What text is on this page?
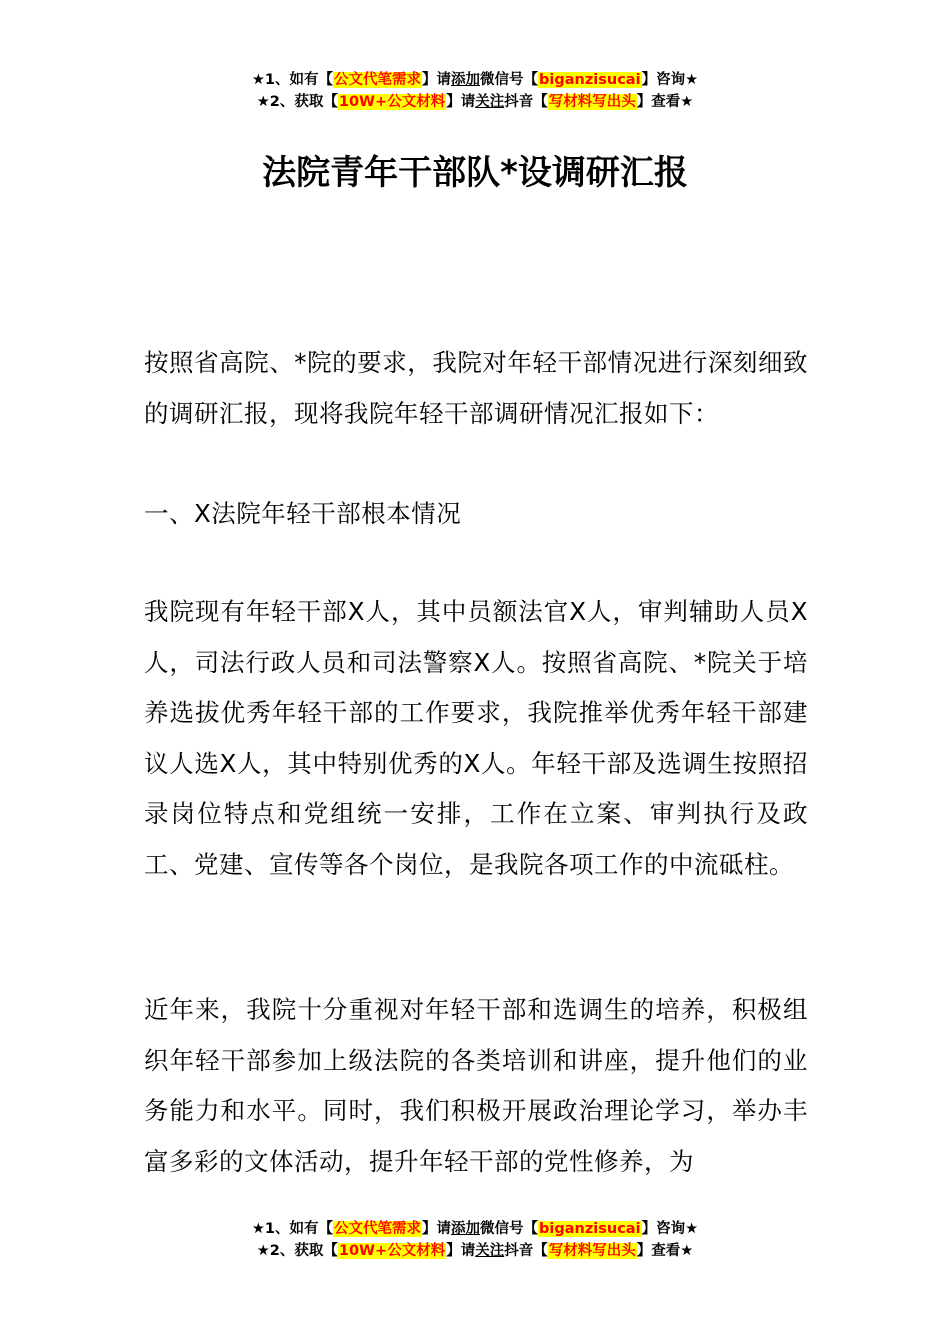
★1、如有【公文代笔需求】请添加微信号【biganzisucai】咨询★
★2、获取【10W+公文材料】请关注抖音【写材料写出头】查看★
法院青年干部队*设调研汇报

按照省高院、*院的要求，我院对年轻干部情况进行深刻细致的调研汇报，现将我院年轻干部调研情况汇报如下：

一、X法院年轻干部根本情况

我院现有年轻干部X人，其中员额法官X人，审判辅助人员X人，司法行政人员和司法警察X人。按照省高院、*院关于培养选拔优秀年轻干部的工作要求，我院推举优秀年轻干部建议人选X人，其中特别优秀的X人。年轻干部及选调生按照招录岗位特点和党组统一安排，工作在立案、审判执行及政工、党建、宣传等各个岗位，是我院各项工作的中流砥柱。

近年来，我院十分重视对年轻干部和选调生的培养，积极组织年轻干部参加上级法院的各类培训和讲座，提升他们的业务能力和水平。同时，我们积极开展政治理论学习，举办丰富多彩的文体活动，提升年轻干部的党性修养，为

★1、如有【公文代笔需求】请添加微信号【biganzisucai】咨询★
★2、获取【10W+公文材料】请关注抖音【写材料写出头】查看★
